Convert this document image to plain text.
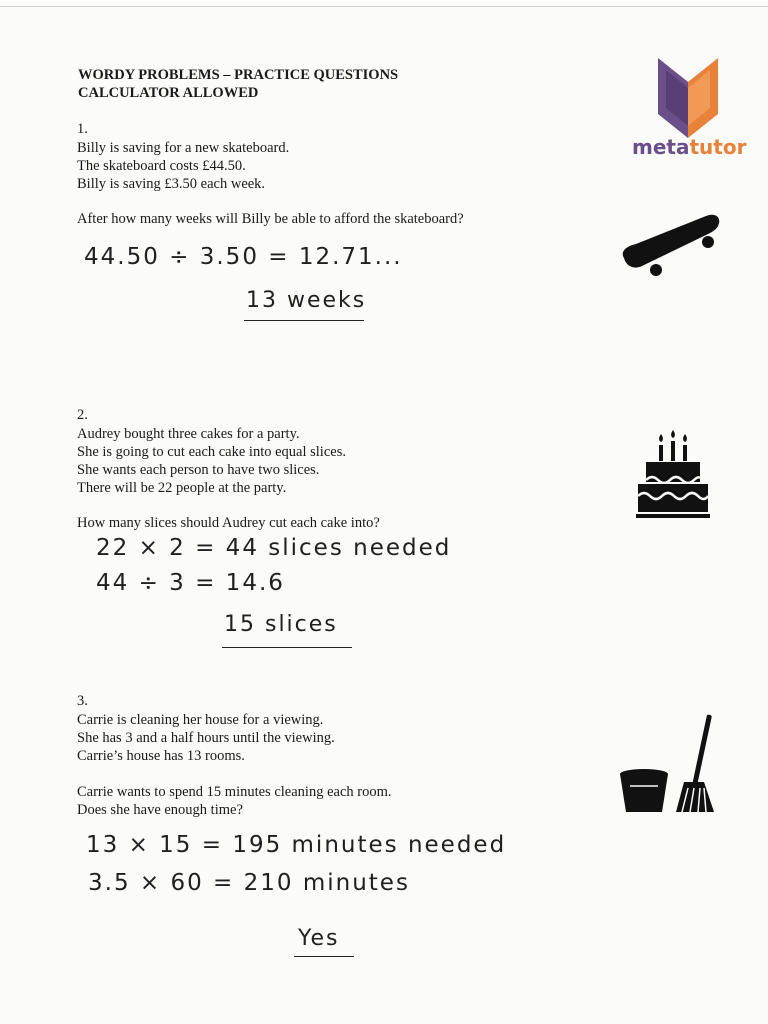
WORDY PROBLEMS – PRACTICE QUESTIONS
CALCULATOR ALLOWED
metatutor
1.
Billy is saving for a new skateboard.
The skateboard costs £44.50.
Billy is saving £3.50 each week.
After how many weeks will Billy be able to afford the skateboard?
44.50 ÷ 3.50 = 12.71...
13 weeks
2.
Audrey bought three cakes for a party.
She is going to cut each cake into equal slices.
She wants each person to have two slices.
There will be 22 people at the party.
How many slices should Audrey cut each cake into?
22 × 2 = 44 slices needed
44 ÷ 3 = 14.6
15 slices
3.
Carrie is cleaning her house for a viewing.
She has 3 and a half hours until the viewing.
Carrie’s house has 13 rooms.
Carrie wants to spend 15 minutes cleaning each room.
Does she have enough time?
13 × 15 = 195 minutes needed
3.5 × 60 = 210 minutes
Yes
